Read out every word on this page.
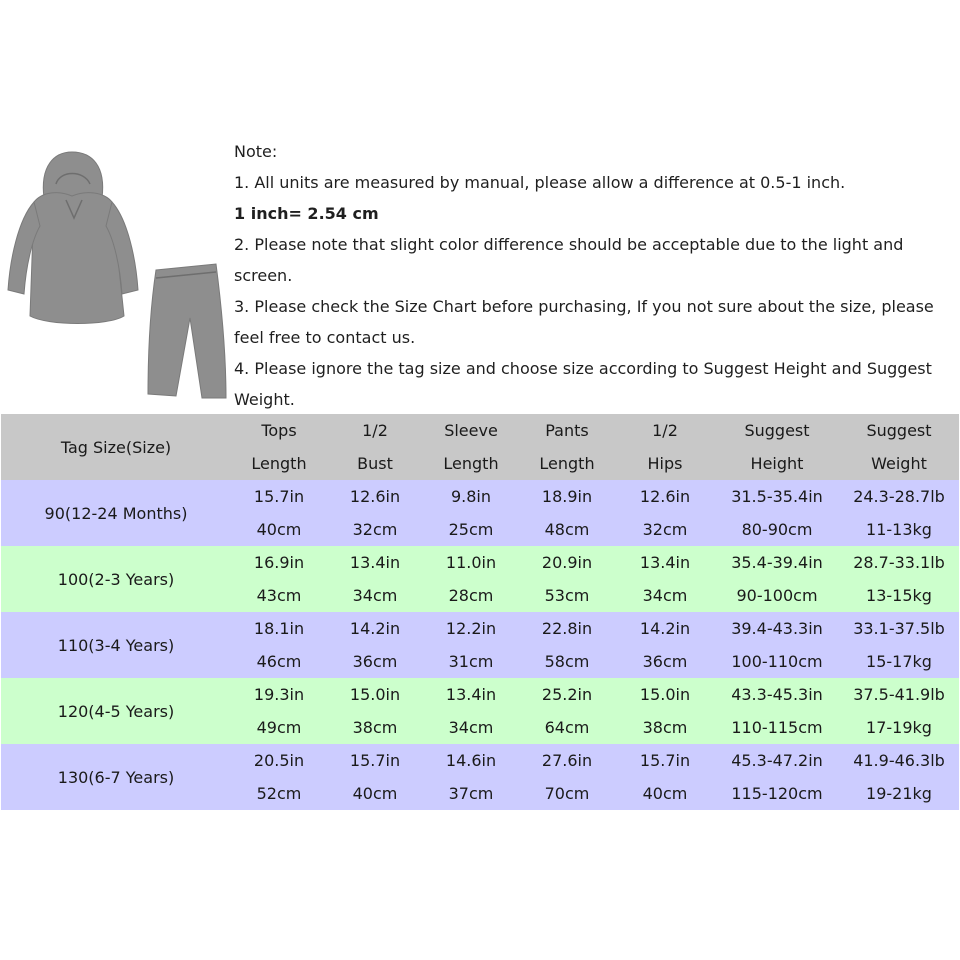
Note:
1. All units are measured by manual, please allow a difference at 0.5-1 inch.
1 inch= 2.54 cm
2. Please note that slight color difference should be acceptable due to the light and
screen.
3. Please check the Size Chart before purchasing, If you not sure about the size, please
feel free to contact us.
4. Please ignore the tag size and choose size according to Suggest Height and Suggest
Weight.
Tag Size(Size)	Tops	1/2	Sleeve	Pants	1/2	Suggest	Suggest
	Length	Bust	Length	Length	Hips	Height	Weight
90(12-24 Months)	15.7in	12.6in	9.8in	18.9in	12.6in	31.5-35.4in	24.3-28.7lb
	40cm	32cm	25cm	48cm	32cm	80-90cm	11-13kg
100(2-3 Years)	16.9in	13.4in	11.0in	20.9in	13.4in	35.4-39.4in	28.7-33.1lb
	43cm	34cm	28cm	53cm	34cm	90-100cm	13-15kg
110(3-4 Years)	18.1in	14.2in	12.2in	22.8in	14.2in	39.4-43.3in	33.1-37.5lb
	46cm	36cm	31cm	58cm	36cm	100-110cm	15-17kg
120(4-5 Years)	19.3in	15.0in	13.4in	25.2in	15.0in	43.3-45.3in	37.5-41.9lb
	49cm	38cm	34cm	64cm	38cm	110-115cm	17-19kg
130(6-7 Years)	20.5in	15.7in	14.6in	27.6in	15.7in	45.3-47.2in	41.9-46.3lb
	52cm	40cm	37cm	70cm	40cm	115-120cm	19-21kg
